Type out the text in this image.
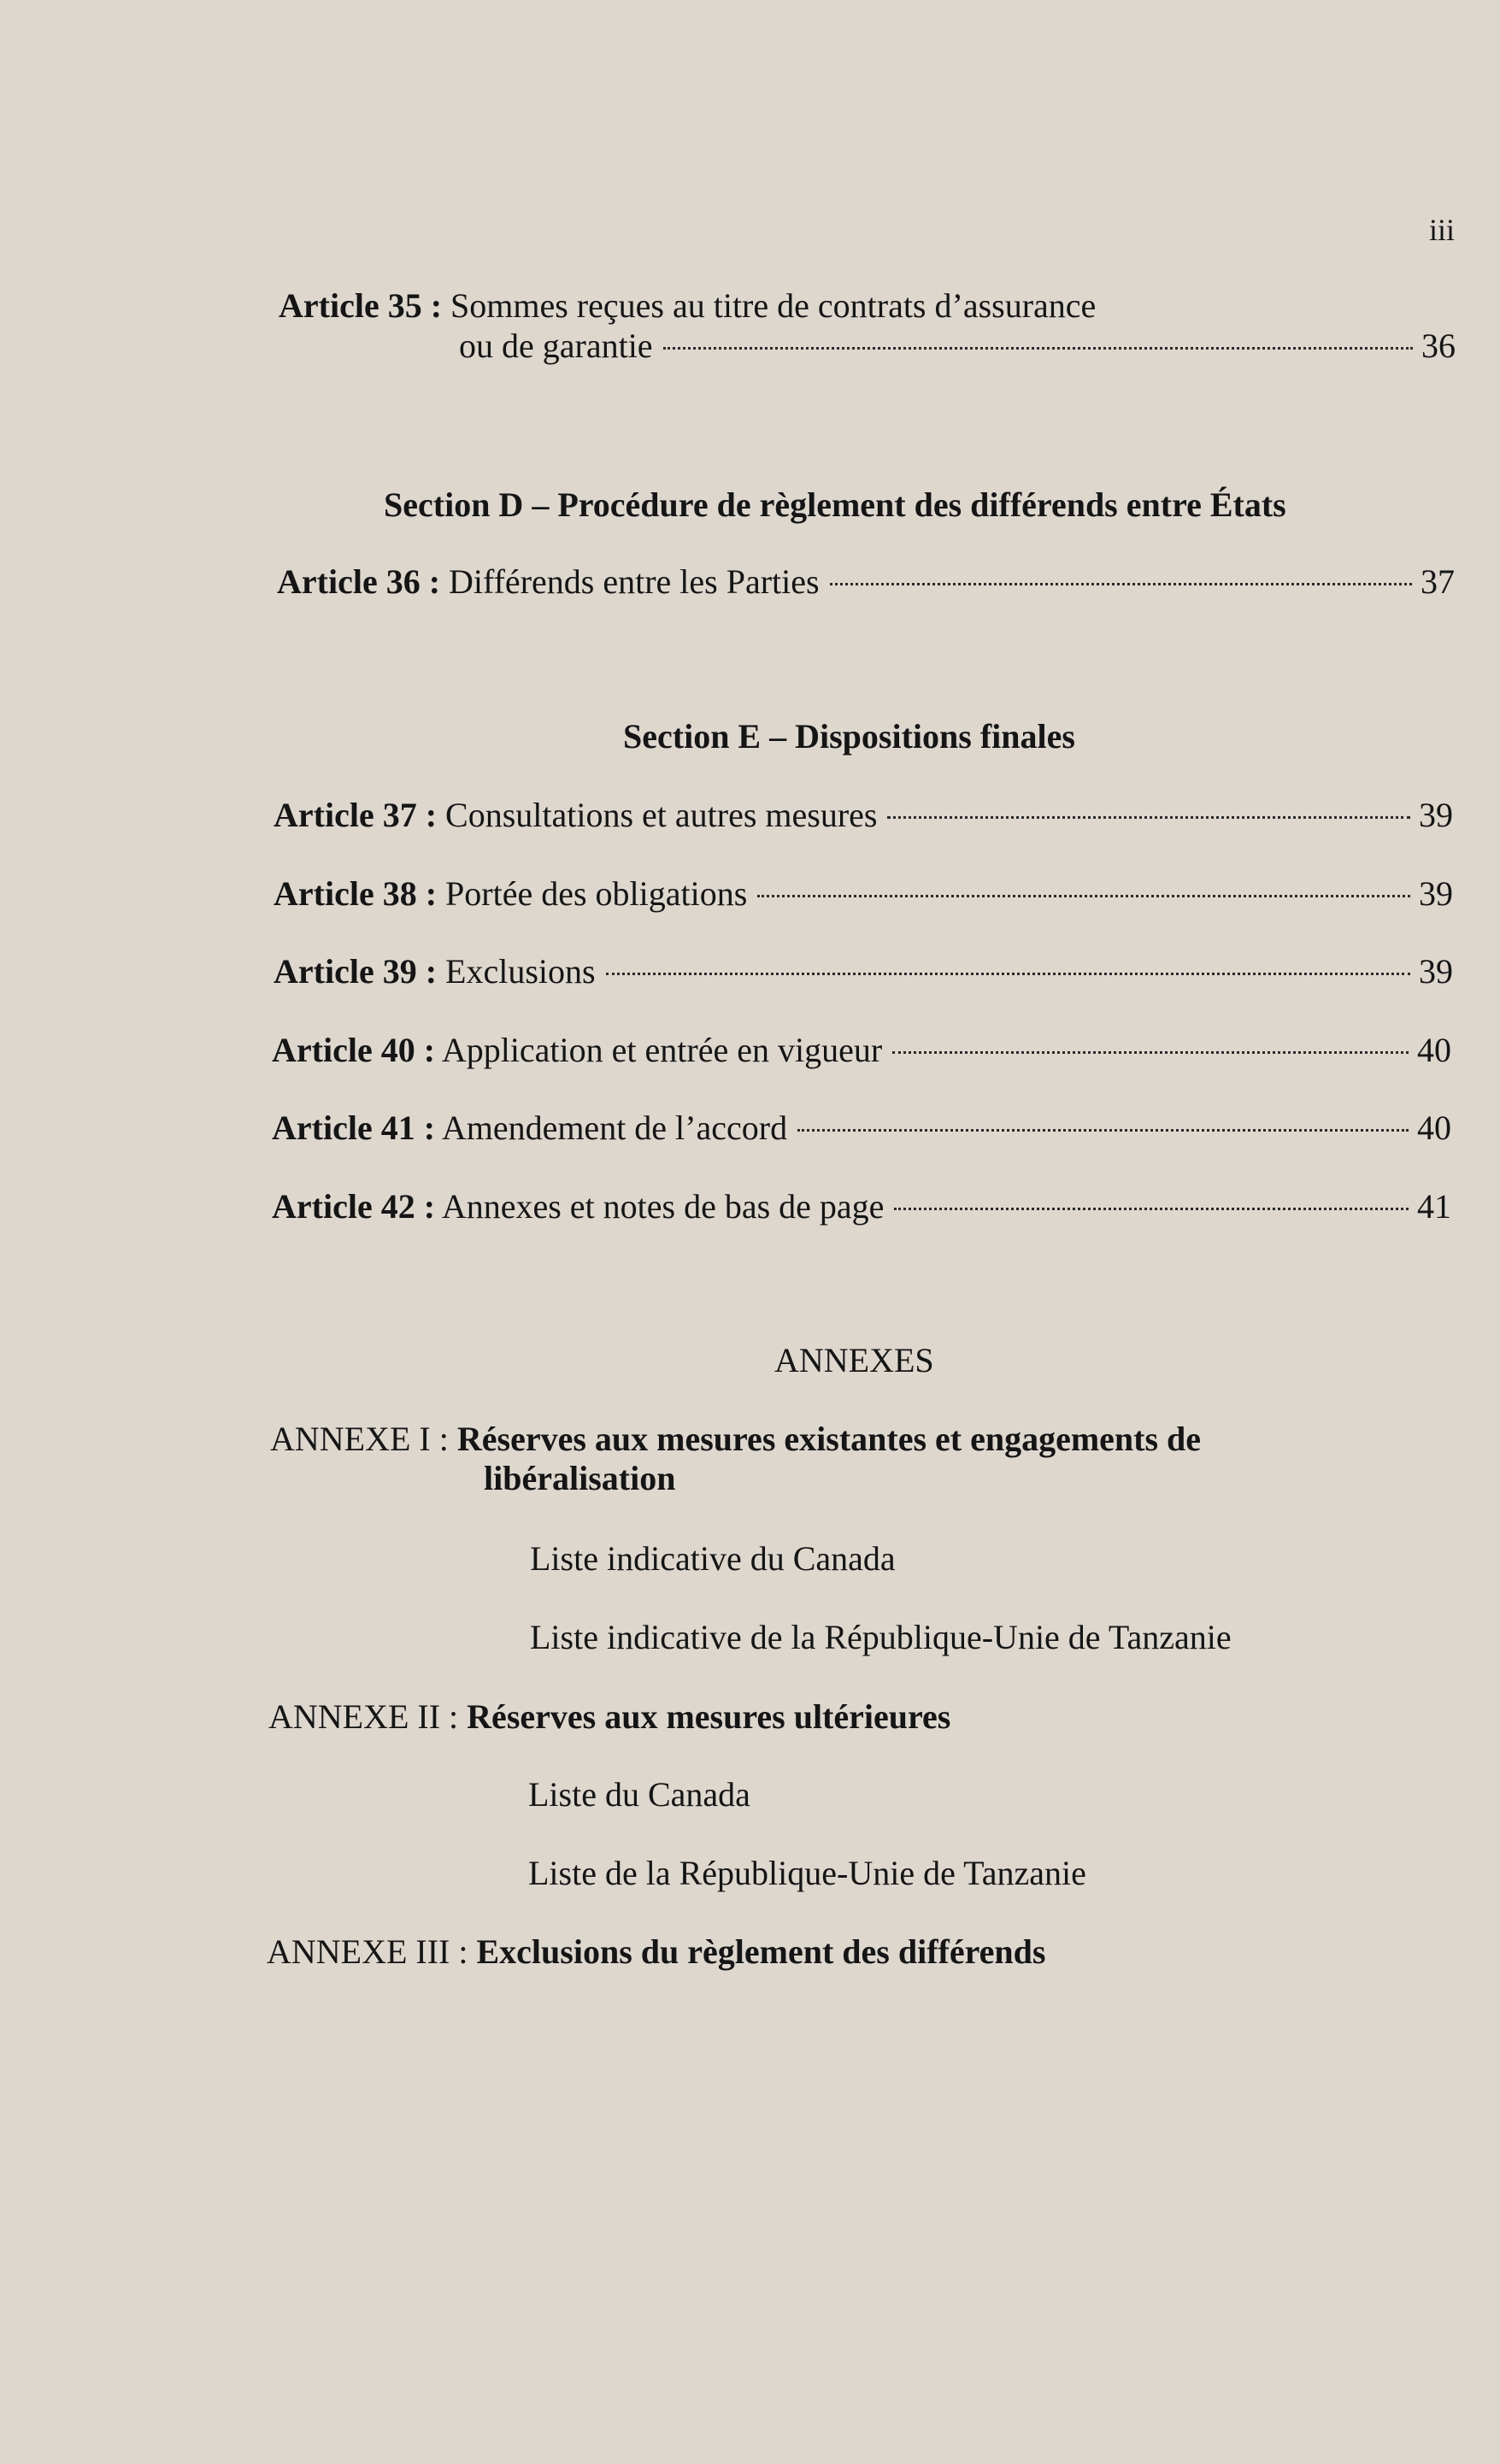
iii
Article 35 : Sommes reçues au titre de contrats d’assurance
ou de garantie	36
Section D – Procédure de règlement des différends entre États
Article 36 : Différends entre les Parties	37
Section E – Dispositions finales
Article 37 : Consultations et autres mesures	39
Article 38 : Portée des obligations	39
Article 39 : Exclusions	39
Article 40 : Application et entrée en vigueur	40
Article 41 : Amendement de l’accord	40
Article 42 : Annexes et notes de bas de page	41
ANNEXES
ANNEXE I : Réserves aux mesures existantes et engagements de
libéralisation
Liste indicative du Canada
Liste indicative de la République-Unie de Tanzanie
ANNEXE II : Réserves aux mesures ultérieures
Liste du Canada
Liste de la République-Unie de Tanzanie
ANNEXE III : Exclusions du règlement des différends
